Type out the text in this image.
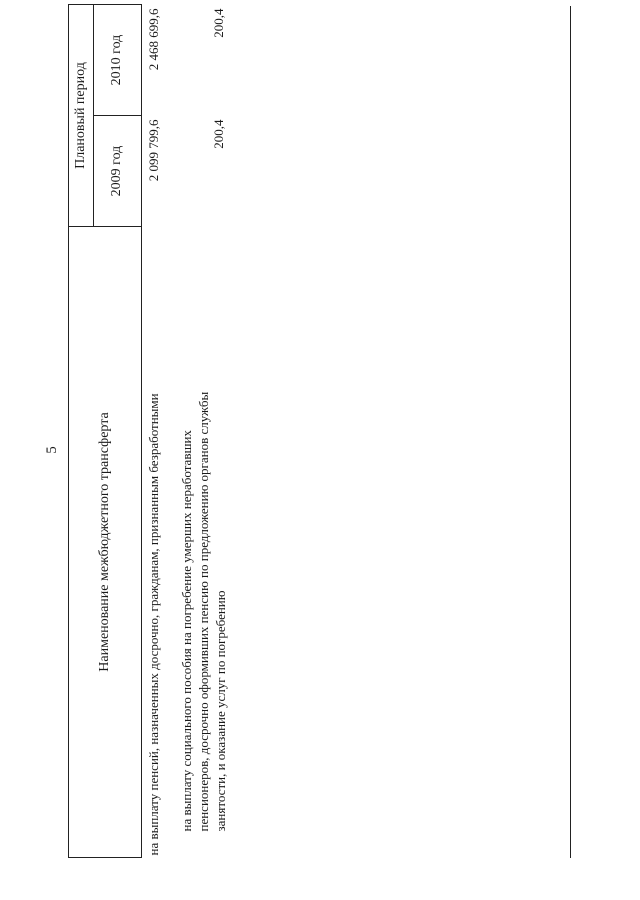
5	Наименование межбюджетного трансферта	Плановый период	
	2009 год	2010 год
на выплату пенсий, назначенных досрочно, гражданам, признанным безработными	2 099 799,6	2 468 699,6

на выплату социального пособия на погребение умерших неработавших пенсионеров, досрочно оформивших пенсию по предложению органов службы занятости, и оказание услуг по погребению	200,4	200,4
